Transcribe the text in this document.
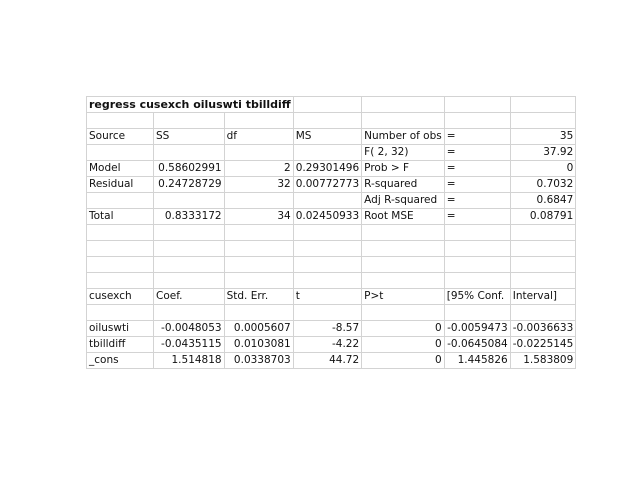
regress cusexch oiluswti tbilldiff						

Source	SS	df	MS	Number of obs	=	35
				F( 2, 32)	=	37.92
Model	0.58602991	2	0.29301496	Prob > F	=	0
Residual	0.24728729	32	0.00772773	R-squared	=	0.7032
				Adj R-squared	=	0.6847
Total	0.8333172	34	0.02450933	Root MSE	=	0.08791

cusexch	Coef.	Std. Err.	t	P>t	[95% Conf.	Interval]

oiluswti	-0.0048053	0.0005607	-8.57	0	-0.0059473	-0.0036633
tbilldiff	-0.0435115	0.0103081	-4.22	0	-0.0645084	-0.0225145
_cons	1.514818	0.0338703	44.72	0	1.445826	1.583809
